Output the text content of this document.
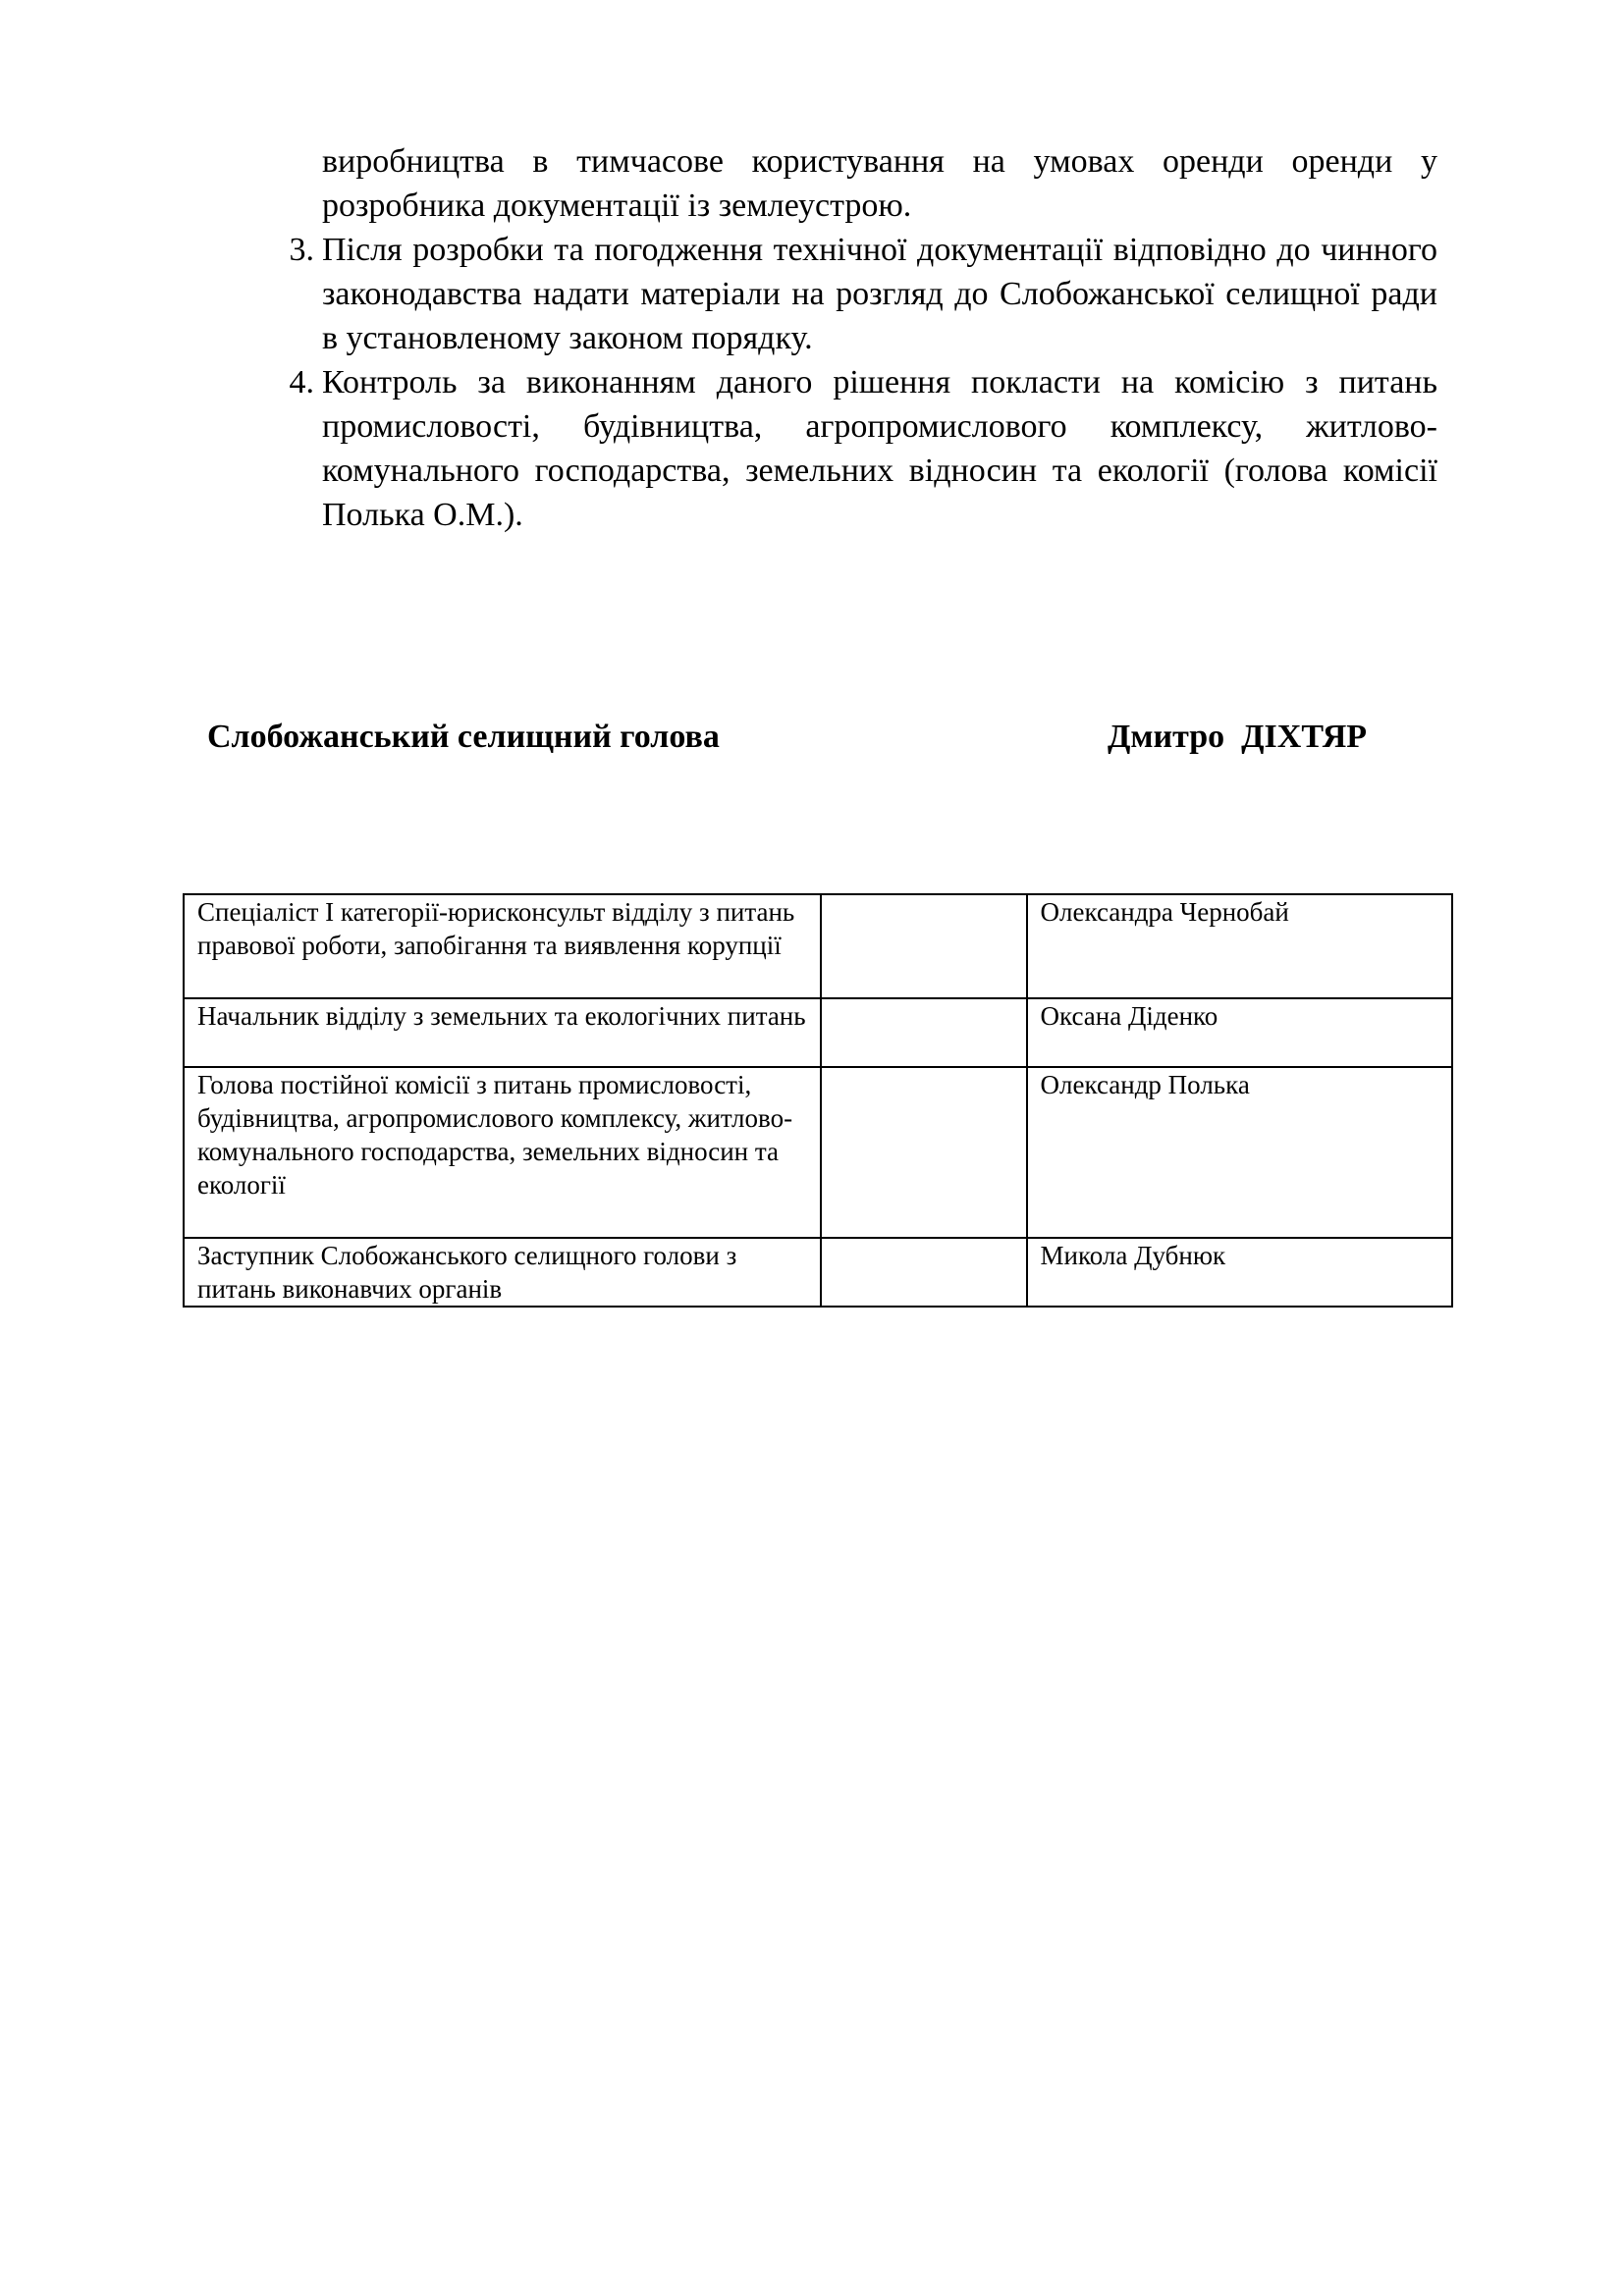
виробництва в тимчасове користування на умовах оренди оренди у розробника документації із землеустрою.
3. Після розробки та погодження технічної документації відповідно до чинного законодавства надати матеріали на розгляд до Слобожанської селищної ради в установленому законом порядку.
4. Контроль за виконанням даного рішення покласти на комісію з питань промисловості, будівництва, агропромислового комплексу, житлово-комунального господарства, земельних відносин та екології (голова комісії Полька О.М.).
Слобожанський селищний голова	Дмитро  ДІХТЯР
Спеціаліст І категорії-юрисконсульт відділу з питань правової роботи, запобігання та виявлення корупції		Олександра Чернобай
Начальник відділу з земельних та екологічних питань		Оксана Діденко
Голова постійної комісії з питань промисловості, будівництва, агропромислового комплексу, житлово-комунального господарства, земельних відносин та екології		Олександр Полька
Заступник Слобожанського селищного голови з питань виконавчих органів		Микола Дубнюк
